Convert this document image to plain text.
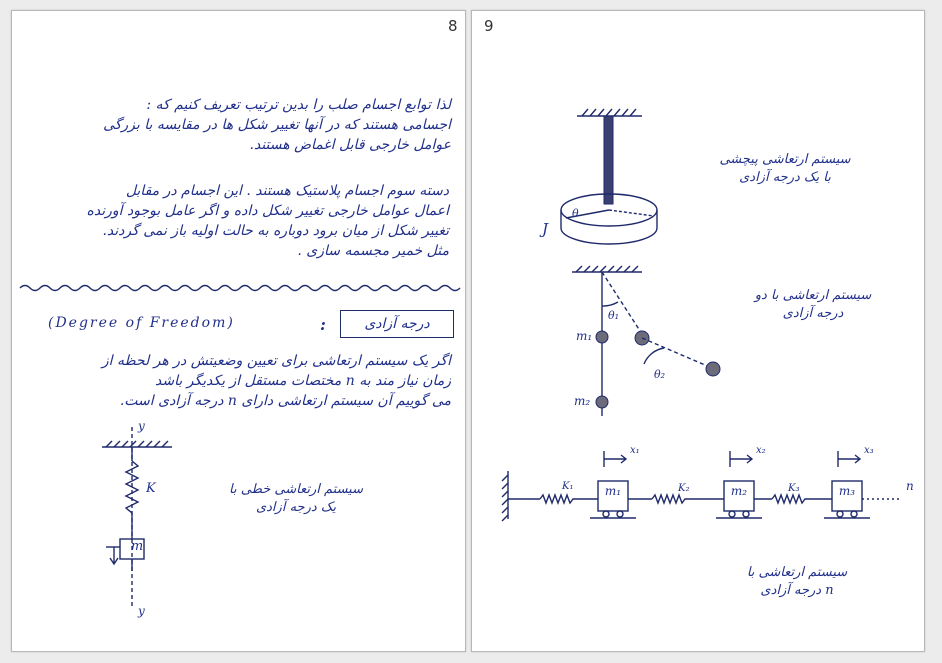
8
لذا توابع اجسام صلب را بدین ترتیب تعریف کنیم که :
اجسامی هستند که در آنها تغییر شکل ها در مقایسه با بزرگی
عوامل خارجی قابل اغماض هستند.
دسته سوم اجسام پلاستیک هستند . این اجسام در مقابل
اعمال عوامل خارجی تغییر شکل داده و اگر عامل بوجود آورنده
تغییر شکل از میان برود دوباره به حالت اولیه باز نمی گردند.
مثل خمیر مجسمه سازی .
درجه آزادی
:
(Degree of Freedom)
اگر یک سیستم ارتعاشی برای تعیین وضعیتش در هر لحظه از
زمان نیاز مند به n مختصات مستقل از یکدیگر باشد
می گوییم آن سیستم ارتعاشی دارای n درجه آزادی است.
y
y
K
m
سیستم ارتعاشی خطی با
یک درجه آزادی
9
J
θ
سیستم ارتعاشی پیچشی
با یک درجه آزادی
θ₁
θ₂
m₁
m₂
سیستم ارتعاشی با دو
درجه آزادی
K₁	K₂	K₃
x₁	x₂	x₃
m₁	m₂	m₃	n
سیستم ارتعاشی با
n درجه آزادی
